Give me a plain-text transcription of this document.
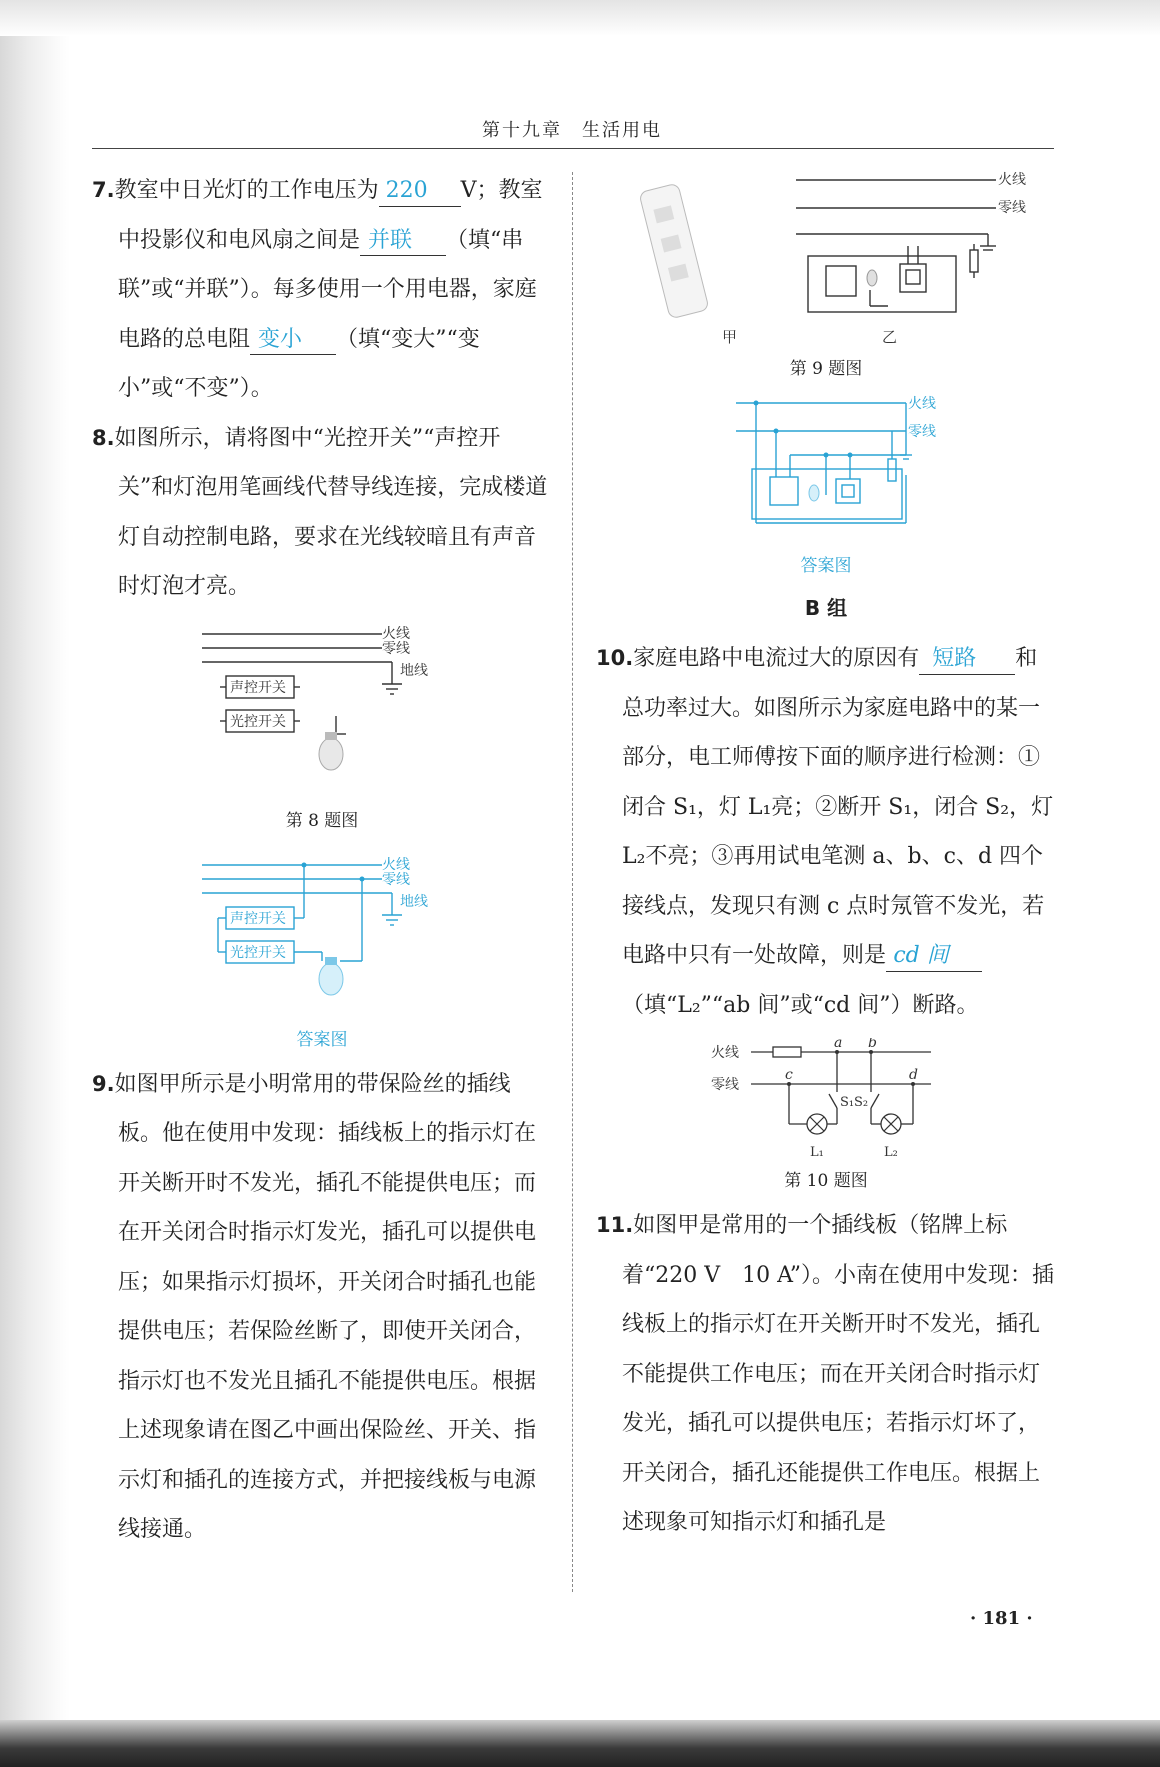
第十九章　生活用电

7.教室中日光灯的工作电压为 220 V；教室中投影仪和电风扇之间是 并联 （填“串联”或“并联”）。每多使用一个用电器，家庭电路的总电阻 变小 （填“变大”“变小”或“不变”）。

8.如图所示，请将图中“光控开关”“声控开关”和灯泡用笔画线代替导线连接，完成楼道灯自动控制电路，要求在光线较暗且有声音时灯泡才亮。

火线
零线
地线
声控开关
光控开关

第 8 题图

火线
零线
地线
声控开关
光控开关

答案图

9.如图甲所示是小明常用的带保险丝的插线板。他在使用中发现：插线板上的指示灯在开关断开时不发光，插孔不能提供电压；而在开关闭合时指示灯发光，插孔可以提供电压；如果指示灯损坏，开关闭合时插孔也能提供电压；若保险丝断了，即使开关闭合，指示灯也不发光且插孔不能提供电压。根据上述现象请在图乙中画出保险丝、开关、指示灯和插孔的连接方式，并把接线板与电源线接通。

火线
零线
甲	乙

第 9 题图

火线
零线

答案图

B 组

10.家庭电路中电流过大的原因有 短路 和总功率过大。如图所示为家庭电路中的某一部分，电工师傅按下面的顺序进行检测：①闭合 S₁，灯 L₁亮；②断开 S₁，闭合 S₂，灯 L₂不亮；③再用试电笔测 a、b、c、d 四个接线点，发现只有测 c 点时氖管不发光，若电路中只有一处故障，则是 cd 间（填“L₂”“ab 间”或“cd 间”）断路。

火线
零线
a b
c	d
S₁ S₂
L₁	L₂

第 10 题图

11.如图甲是常用的一个插线板（铭牌上标着“220 V　10 A”）。小南在使用中发现：插线板上的指示灯在开关断开时不发光，插孔不能提供工作电压；而在开关闭合时指示灯发光，插孔可以提供电压；若指示灯坏了，开关闭合，插孔还能提供工作电压。根据上述现象可知指示灯和插孔是

· 181 ·
